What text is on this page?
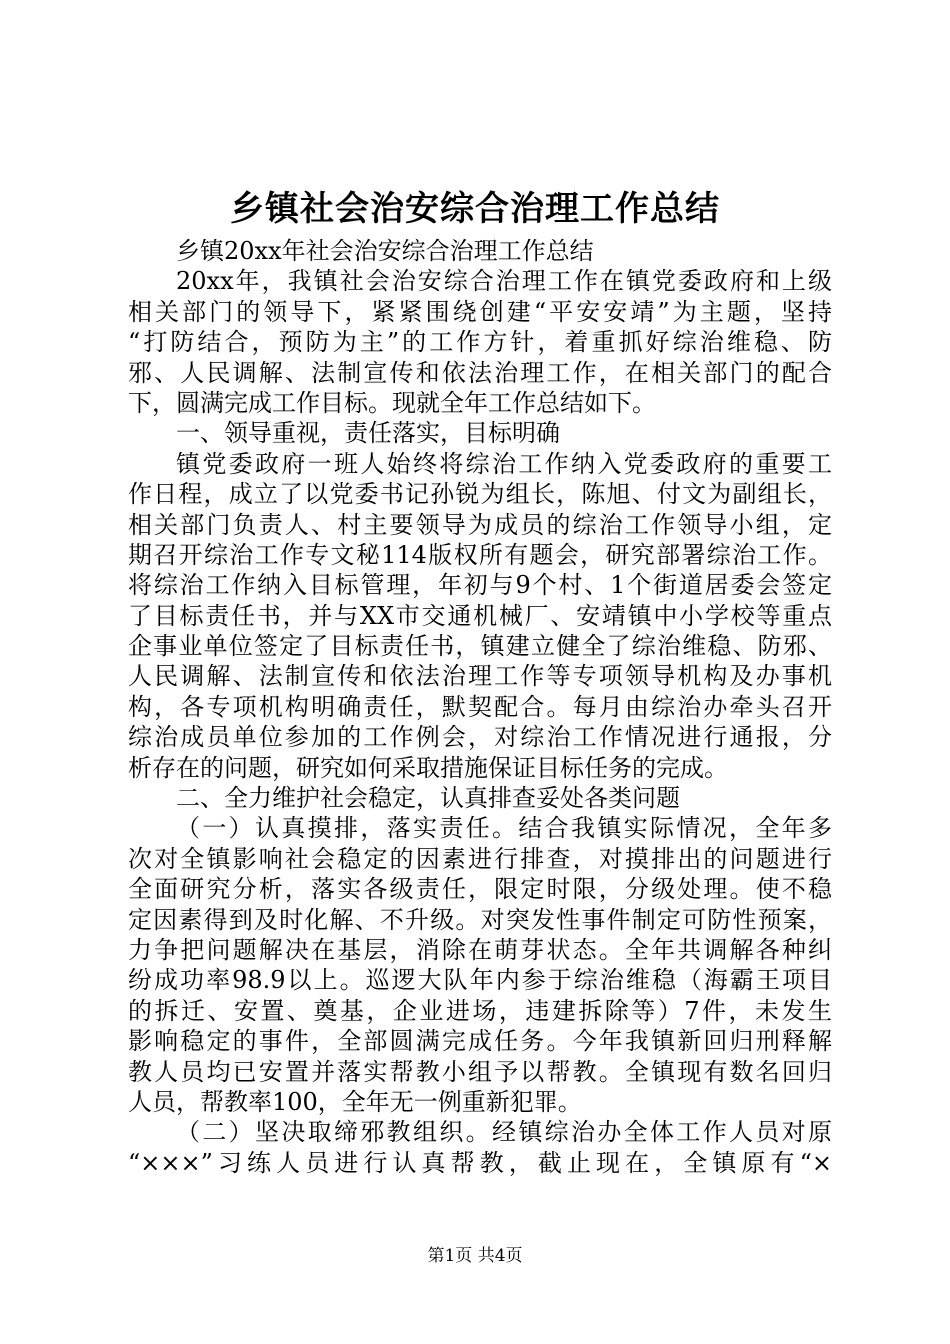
乡镇社会治安综合治理工作总结
乡镇20xx年社会治安综合治理工作总结
20xx年，我镇社会治安综合治理工作在镇党委政府和上级
相关部门的领导下，紧紧围绕创建“平安安靖”为主题，坚持
“打防结合，预防为主”的工作方针，着重抓好综治维稳、防
邪、人民调解、法制宣传和依法治理工作，在相关部门的配合
下，圆满完成工作目标。现就全年工作总结如下。
一、领导重视，责任落实，目标明确
镇党委政府一班人始终将综治工作纳入党委政府的重要工
作日程，成立了以党委书记孙锐为组长，陈旭、付文为副组长，
相关部门负责人、村主要领导为成员的综治工作领导小组，定
期召开综治工作专文秘114版权所有题会，研究部署综治工作。
将综治工作纳入目标管理，年初与9个村、1个街道居委会签定
了目标责任书，并与XX市交通机械厂、安靖镇中小学校等重点
企事业单位签定了目标责任书，镇建立健全了综治维稳、防邪、
人民调解、法制宣传和依法治理工作等专项领导机构及办事机
构，各专项机构明确责任，默契配合。每月由综治办牵头召开
综治成员单位参加的工作例会，对综治工作情况进行通报，分
析存在的问题，研究如何采取措施保证目标任务的完成。
二、全力维护社会稳定，认真排查妥处各类问题
（一）认真摸排，落实责任。结合我镇实际情况，全年多
次对全镇影响社会稳定的因素进行排查，对摸排出的问题进行
全面研究分析，落实各级责任，限定时限，分级处理。使不稳
定因素得到及时化解、不升级。对突发性事件制定可防性预案，
力争把问题解决在基层，消除在萌芽状态。全年共调解各种纠
纷成功率98.9以上。巡逻大队年内参于综治维稳（海霸王项目
的拆迁、安置、奠基，企业进场，违建拆除等）7件，未发生
影响稳定的事件，全部圆满完成任务。今年我镇新回归刑释解
教人员均已安置并落实帮教小组予以帮教。全镇现有数名回归
人员，帮教率100，全年无一例重新犯罪。
（二）坚决取缔邪教组织。经镇综治办全体工作人员对原
“×××”习练人员进行认真帮教，截止现在，全镇原有“×
第1页 共4页
